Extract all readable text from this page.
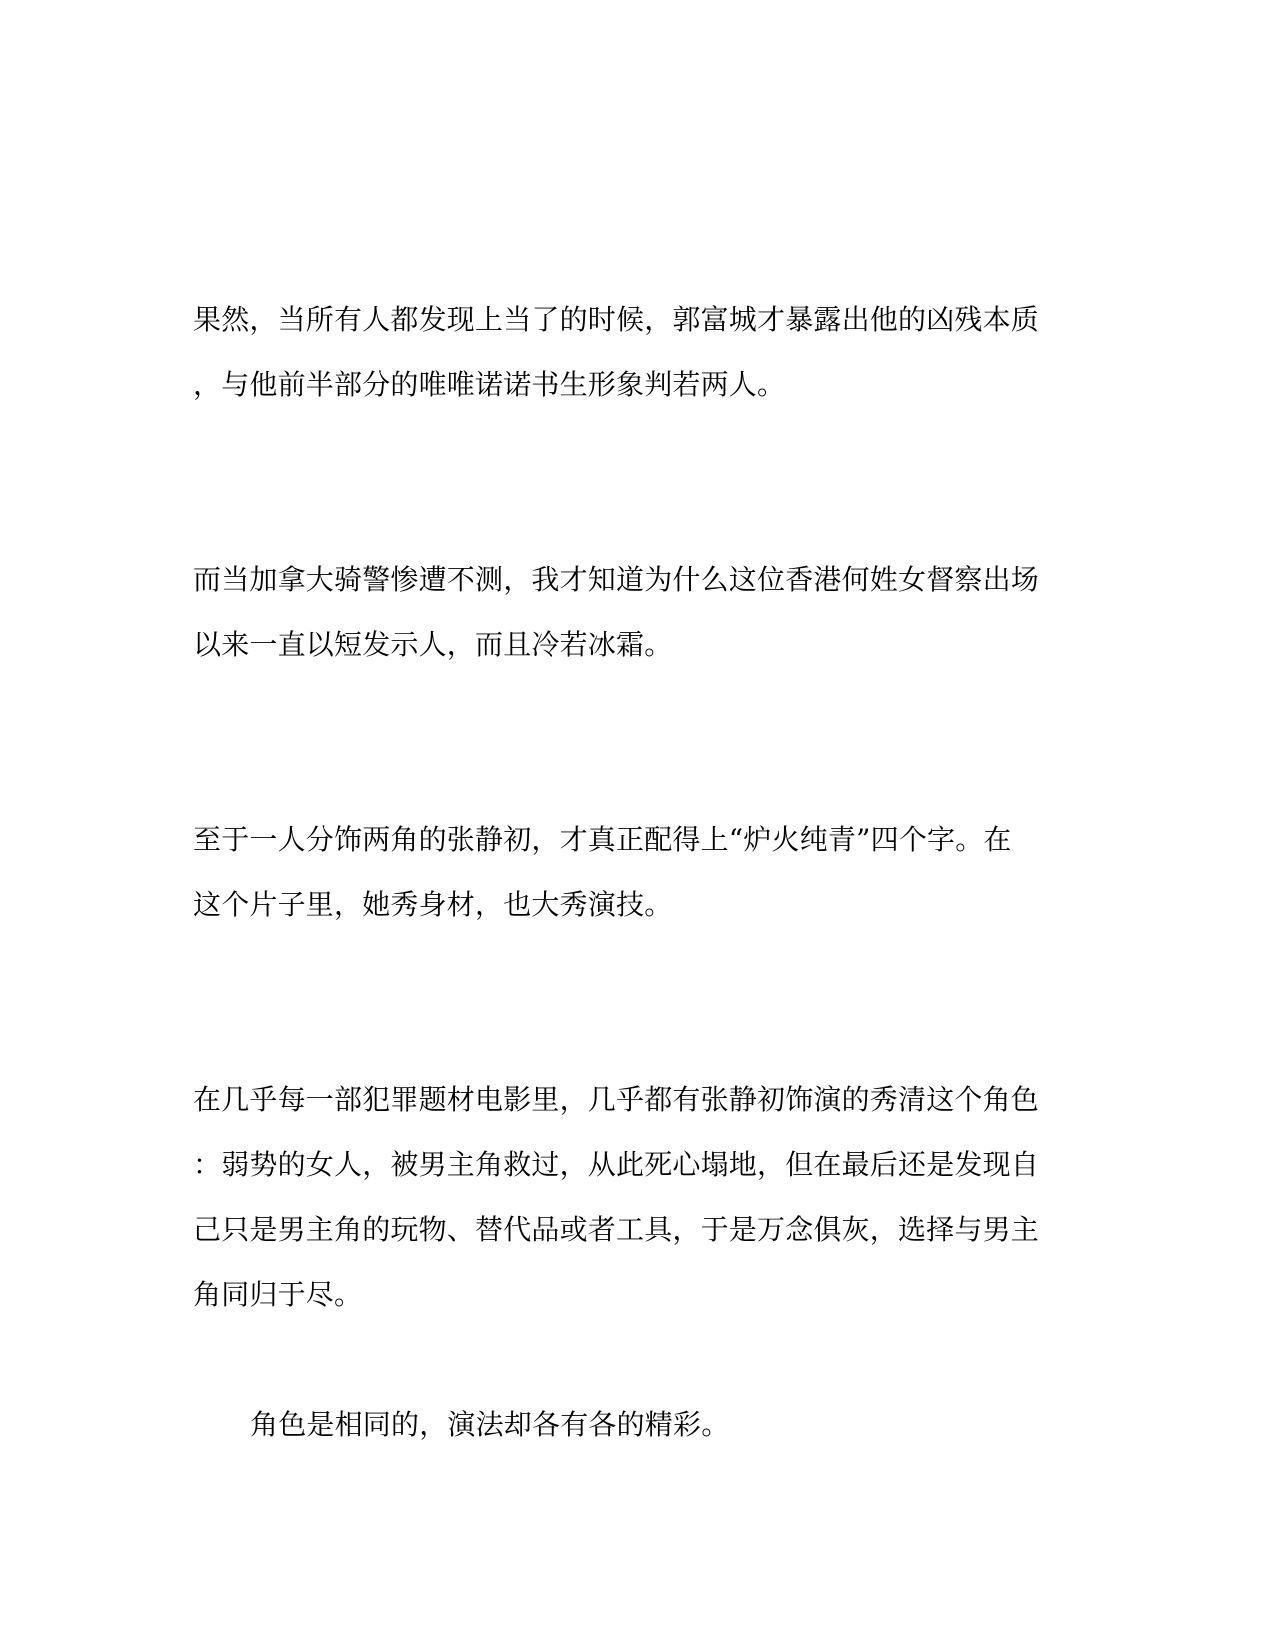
果然，当所有人都发现上当了的时候，郭富城才暴露出他的凶残本质
，与他前半部分的唯唯诺诺书生形象判若两人。
而当加拿大骑警惨遭不测，我才知道为什么这位香港何姓女督察出场
以来一直以短发示人，而且冷若冰霜。
至于一人分饰两角的张静初，才真正配得上“炉火纯青”四个字。在
这个片子里，她秀身材，也大秀演技。
在几乎每一部犯罪题材电影里，几乎都有张静初饰演的秀清这个角色
：弱势的女人，被男主角救过，从此死心塌地，但在最后还是发现自
己只是男主角的玩物、替代品或者工具，于是万念俱灰，选择与男主
角同归于尽。
角色是相同的，演法却各有各的精彩。
